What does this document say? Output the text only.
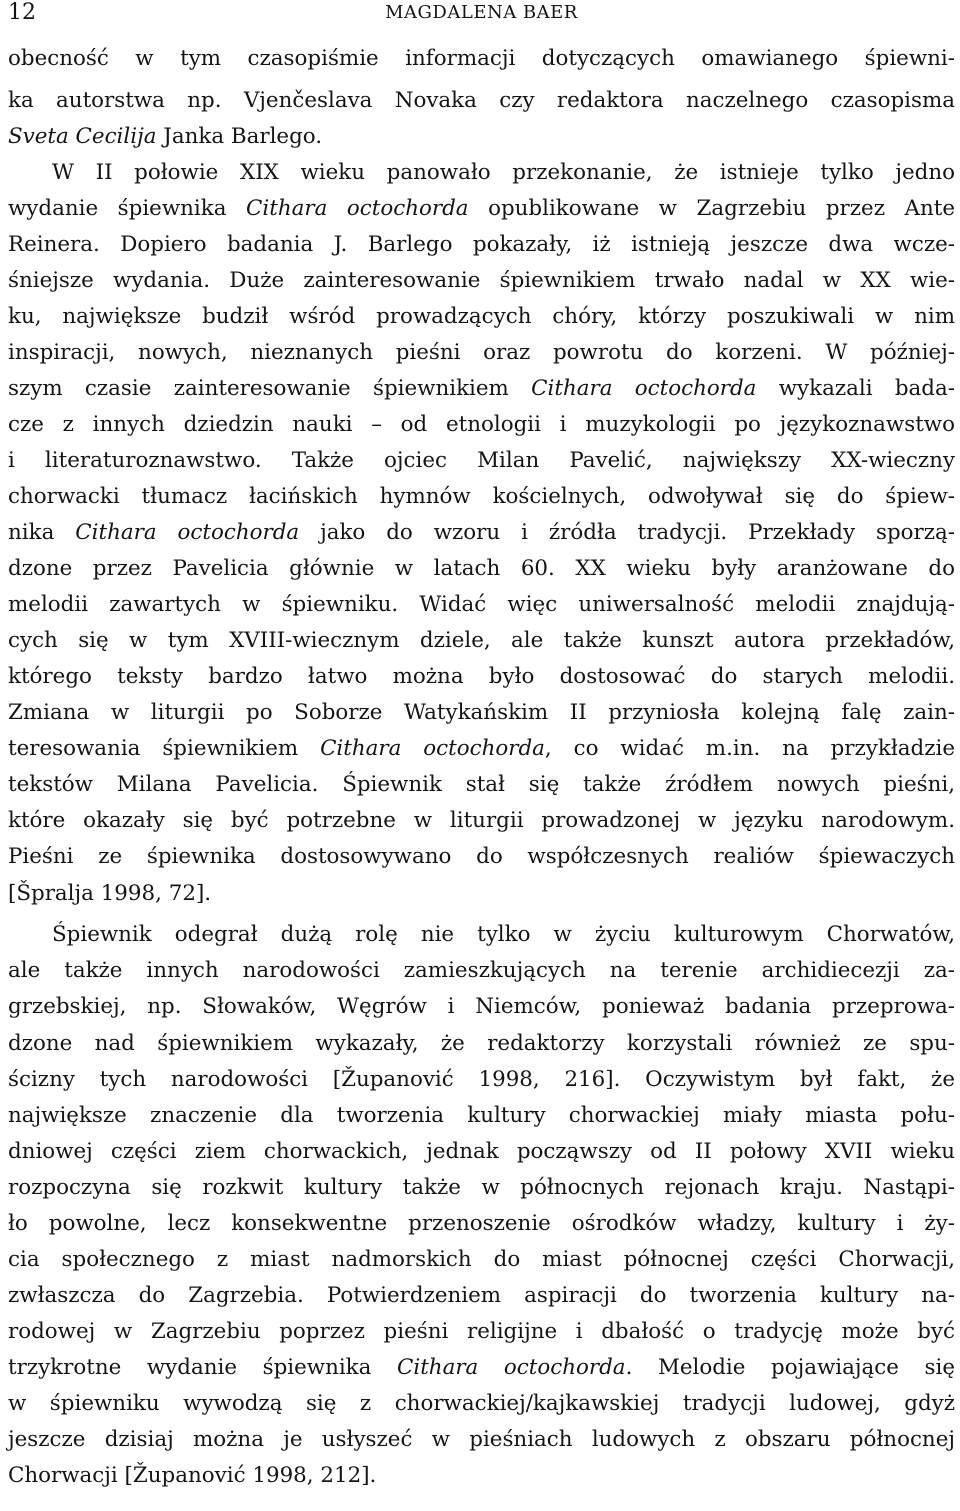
12	MAGDALENA BAER
obecność w tym czasopiśmie informacji dotyczących omawianego śpiewni-
ka autorstwa np. Vjenčeslava Novaka czy redaktora naczelnego czasopisma
Sveta Cecilija Janka Barlego.
W II połowie XIX wieku panowało przekonanie, że istnieje tylko jedno
wydanie śpiewnika Cithara octochorda opublikowane w Zagrzebiu przez Ante
Reinera. Dopiero badania J. Barlego pokazały, iż istnieją jeszcze dwa wcze-
śniejsze wydania. Duże zainteresowanie śpiewnikiem trwało nadal w XX wie-
ku, największe budził wśród prowadzących chóry, którzy poszukiwali w nim
inspiracji, nowych, nieznanych pieśni oraz powrotu do korzeni. W później-
szym czasie zainteresowanie śpiewnikiem Cithara octochorda wykazali bada-
cze z innych dziedzin nauki – od etnologii i muzykologii po językoznawstwo
i literaturoznawstwo. Także ojciec Milan Pavelić, największy XX-wieczny
chorwacki tłumacz łacińskich hymnów kościelnych, odwoływał się do śpiew-
nika Cithara octochorda jako do wzoru i źródła tradycji. Przekłady sporzą-
dzone przez Pavelicia głównie w latach 60. XX wieku były aranżowane do
melodii zawartych w śpiewniku. Widać więc uniwersalność melodii znajdują-
cych się w tym XVIII-wiecznym dziele, ale także kunszt autora przekładów,
którego teksty bardzo łatwo można było dostosować do starych melodii.
Zmiana w liturgii po Soborze Watykańskim II przyniosła kolejną falę zain-
teresowania śpiewnikiem Cithara octochorda, co widać m.in. na przykładzie
tekstów Milana Pavelicia. Śpiewnik stał się także źródłem nowych pieśni,
które okazały się być potrzebne w liturgii prowadzonej w języku narodowym.
Pieśni ze śpiewnika dostosowywano do współczesnych realiów śpiewaczych
[Špralja 1998, 72].
Śpiewnik odegrał dużą rolę nie tylko w życiu kulturowym Chorwatów,
ale także innych narodowości zamieszkujących na terenie archidiecezji za-
grzebskiej, np. Słowaków, Węgrów i Niemców, ponieważ badania przeprowa-
dzone nad śpiewnikiem wykazały, że redaktorzy korzystali również ze spu-
ścizny tych narodowości [Županović 1998, 216]. Oczywistym był fakt, że
największe znaczenie dla tworzenia kultury chorwackiej miały miasta połu-
dniowej części ziem chorwackich, jednak począwszy od II połowy XVII wieku
rozpoczyna się rozkwit kultury także w północnych rejonach kraju. Nastąpi-
ło powolne, lecz konsekwentne przenoszenie ośrodków władzy, kultury i ży-
cia społecznego z miast nadmorskich do miast północnej części Chorwacji,
zwłaszcza do Zagrzebia. Potwierdzeniem aspiracji do tworzenia kultury na-
rodowej w Zagrzebiu poprzez pieśni religijne i dbałość o tradycję może być
trzykrotne wydanie śpiewnika Cithara octochorda. Melodie pojawiające się
w śpiewniku wywodzą się z chorwackiej/kajkawskiej tradycji ludowej, gdyż
jeszcze dzisiaj można je usłyszeć w pieśniach ludowych z obszaru północnej
Chorwacji [Županović 1998, 212].
